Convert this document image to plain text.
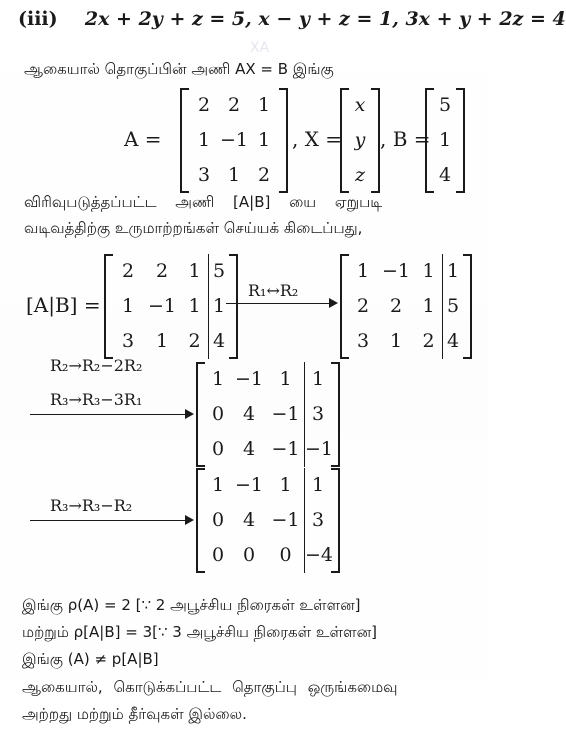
XA
(iii) 2x + 2y + z = 5, x − y + z = 1, 3x + y + 2z = 4
ஆகையால் தொகுப்பின் அணி AX = B இங்கு
A =
2 2 1
1 −1 1
3 1 2
, X =
x
y
z
, B =
5
1
4
விரிவுபடுத்தப்பட்ட அணி [A|B] யை ஏறுபடி
வடிவத்திற்கு உருமாற்றங்கள் செய்யக் கிடைப்பது,
[A|B] =
2	2	1 5
1 −1 1 1
3	1	2 4
R₁↔R₂
1 −1 1 1
2	2	1 5
3	1	2 4
R₂→R₂−2R₂
R₃→R₃−3R₁
1 −1 1	1
0 4 −1 3
0 4 −1 −1
R₃→R₃−R₂
1 −1 1	1
0 4 −1 3
0 0	0 −4
இங்கு ρ(A) = 2 [∵ 2 அபூச்சிய நிரைகள் உள்ளன]
மற்றும் ρ[A|B] = 3[∵ 3 அபூச்சிய நிரைகள் உள்ளன]
இங்கு (A) ≠ p[A|B]
ஆகையால், கொடுக்கப்பட்ட தொகுப்பு ஒருங்கமைவு
அற்றது மற்றும் தீர்வுகள் இல்லை.
